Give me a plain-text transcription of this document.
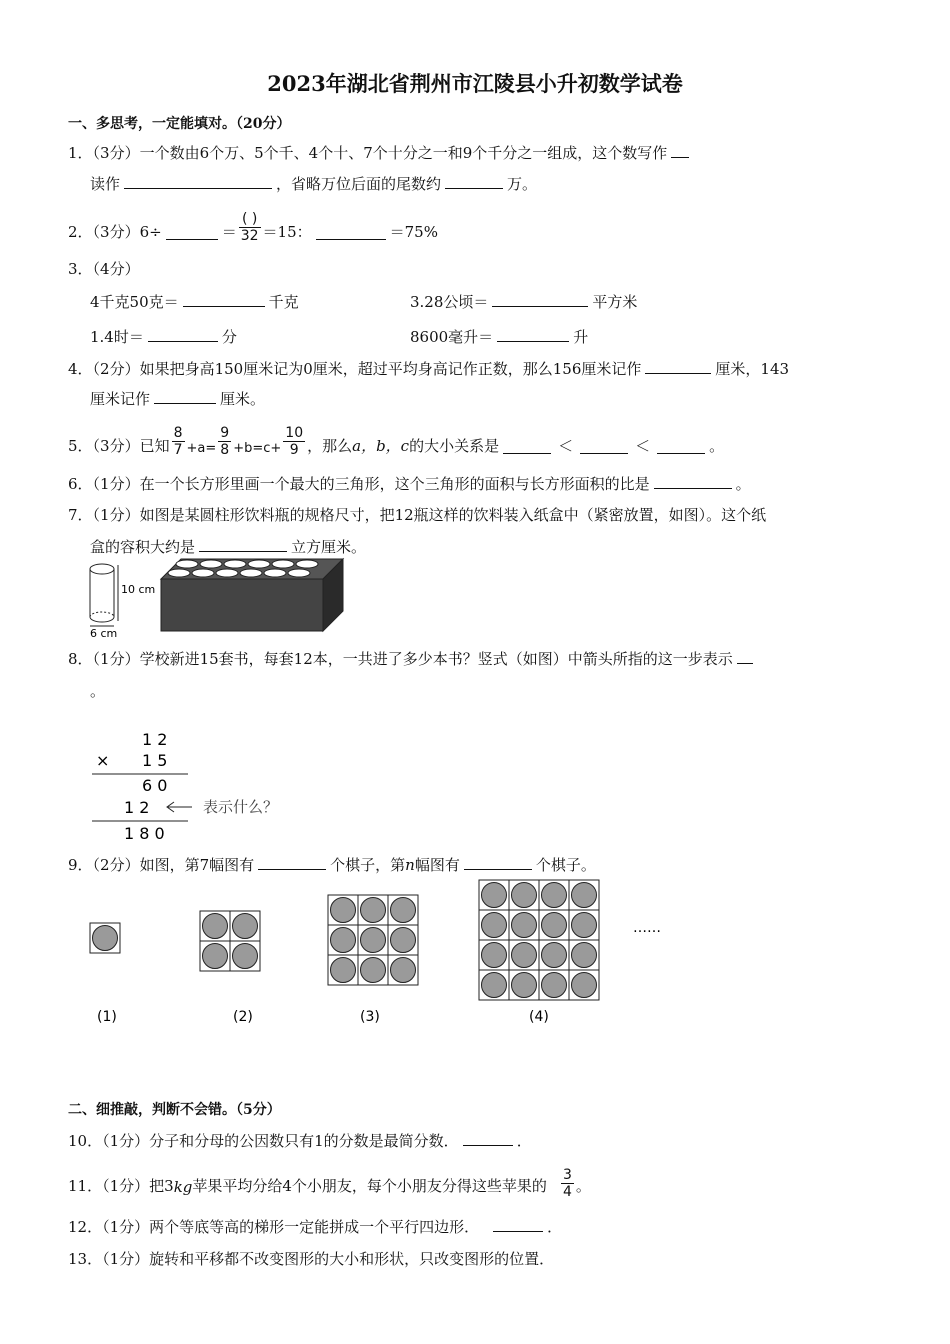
2023年湖北省荆州市江陵县小升初数学试卷
一、多思考，一定能填对。（20分）
1．（3分）一个数由6个万、5个千、4个十、7个十分之一和9个千分之一组成，这个数写作
读作	，省略万位后面的尾数约	万。
2．（3分）6÷	＝ $\frac{( )}{32} =15$：	＝75%
3．（4分）
4千克50克＝	千克	3.28公顷＝	平方米
1.4时＝	分	8600毫升＝	升
4．（2分）如果把身高150厘米记为0厘米，超过平均身高记作正数，那么156厘米记作	厘米，143
厘米记作	厘米。
5．（3分）已知 $\frac{8}{7} +a= \frac{9}{8} +b=c+ \frac{10}{9}$ ，那么 a，b，c 的大小关系是	＜	＜	。
6．（1分）在一个长方形里画一个最大的三角形，这个三角形的面积与长方形面积的比是	。
7．（1分）如图是某圆柱形饮料瓶的规格尺寸，把12瓶这样的饮料装入纸盒中（紧密放置，如图）。这个纸
盒的容积大约是	立方厘米。
10 cm
6 cm
8．（1分）学校新进15套书，每套12本，一共进了多少本书？竖式（如图）中箭头所指的这一步表示
。
1 2
× 1 5
6 0
1 2	表示什么？
1 8 0
9．（2分）如图，第7幅图有	个棋子，第n幅图有	个棋子。
……
(1)	(2)	(3)	(4)
二、细推敲，判断不会错。（5分）
10．（1分）分子和分母的公因数只有1的分数是最简分数．	．
11．（1分）把3 kg 苹果平均分给4个小朋友，每个小朋友分得这些苹果的 $\frac{3}{4}$ 。
12．（1分）两个等底等高的梯形一定能拼成一个平行四边形．	．
13．（1分）旋转和平移都不改变图形的大小和形状，只改变图形的位置．
